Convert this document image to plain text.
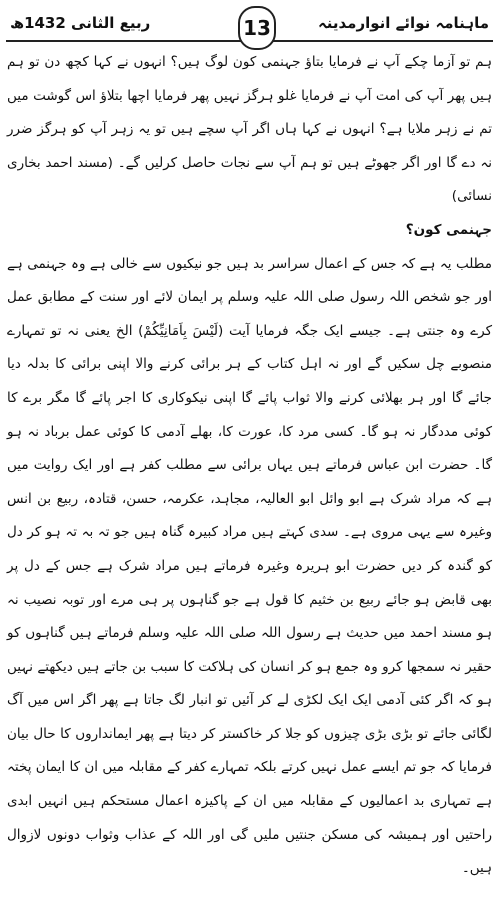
ربیع الثانی 1432ھ	13	ماہنامہ نوائے انوارمدینہ

ہم تو آزما چکے آپ نے فرمایا بتاؤ جہنمی کون لوگ ہیں؟ انہوں نے کہا کچھ دن تو ہم ہیں پھر آپ کی امت آپ نے فرمایا غلو ہرگز نہیں پھر فرمایا اچھا بتلاؤ اس گوشت میں تم نے زہر ملایا ہے؟ انہوں نے کہا ہاں اگر آپ سچے ہیں تو یہ زہر آپ کو ہرگز ضرر نہ دے گا اور اگر جھوٹے ہیں تو ہم آپ سے نجات حاصل کرلیں گے۔ (مسند احمد بخاری نسائی)

جہنمی کون؟

مطلب یہ ہے کہ جس کے اعمال سراسر بد ہیں جو نیکیوں سے خالی ہے وہ جہنمی ہے اور جو شخص اللہ رسول صلی اللہ علیہ وسلم پر ایمان لائے اور سنت کے مطابق عمل کرے وہ جنتی ہے۔ جیسے ایک جگہ فرمایا آیت (لَیْسَ بِاَمَانِیِّکُمْ) الخ یعنی نہ تو تمہارے منصوبے چل سکیں گے اور نہ اہل کتاب کے ہر برائی کرنے والا اپنی برائی کا بدلہ دیا جائے گا اور ہر بھلائی کرنے والا ثواب پائے گا اپنی نیکوکاری کا اجر پائے گا مگر برے کا کوئی مددگار نہ ہو گا۔ کسی مرد کا، عورت کا، بھلے آدمی کا کوئی عمل برباد نہ ہو گا۔ حضرت ابن عباس فرماتے ہیں یہاں برائی سے مطلب کفر ہے اور ایک روایت میں ہے کہ مراد شرک ہے ابو وائل ابو العالیہ، مجاہد، عکرمہ، حسن، قتادہ، ربیع بن انس وغیرہ سے یہی مروی ہے۔ سدی کہتے ہیں مراد کبیرہ گناہ ہیں جو تہ بہ تہ ہو کر دل کو گندہ کر دیں حضرت ابو ہریرہ وغیرہ فرماتے ہیں مراد شرک ہے جس کے دل پر بھی قابض ہو جائے ربیع بن خثیم کا قول ہے جو گناہوں پر ہی مرے اور توبہ نصیب نہ ہو مسند احمد میں حدیث ہے رسول اللہ صلی اللہ علیہ وسلم فرماتے ہیں گناہوں کو حقیر نہ سمجھا کرو وہ جمع ہو کر انسان کی ہلاکت کا سبب بن جاتے ہیں دیکھتے نہیں ہو کہ اگر کئی آدمی ایک ایک لکڑی لے کر آئیں تو انبار لگ جاتا ہے پھر اگر اس میں آگ لگائی جائے تو بڑی بڑی چیزوں کو جلا کر خاکستر کر دیتا ہے پھر ایمانداروں کا حال بیان فرمایا کہ جو تم ایسے عمل نہیں کرتے بلکہ تمہارے کفر کے مقابلہ میں ان کا ایمان پختہ ہے تمہاری بد اعمالیوں کے مقابلہ میں ان کے پاکیزہ اعمال مستحکم ہیں انہیں ابدی راحتیں اور ہمیشہ کی مسکن جنتیں ملیں گی اور اللہ کے عذاب وثواب دونوں لازوال ہیں۔
